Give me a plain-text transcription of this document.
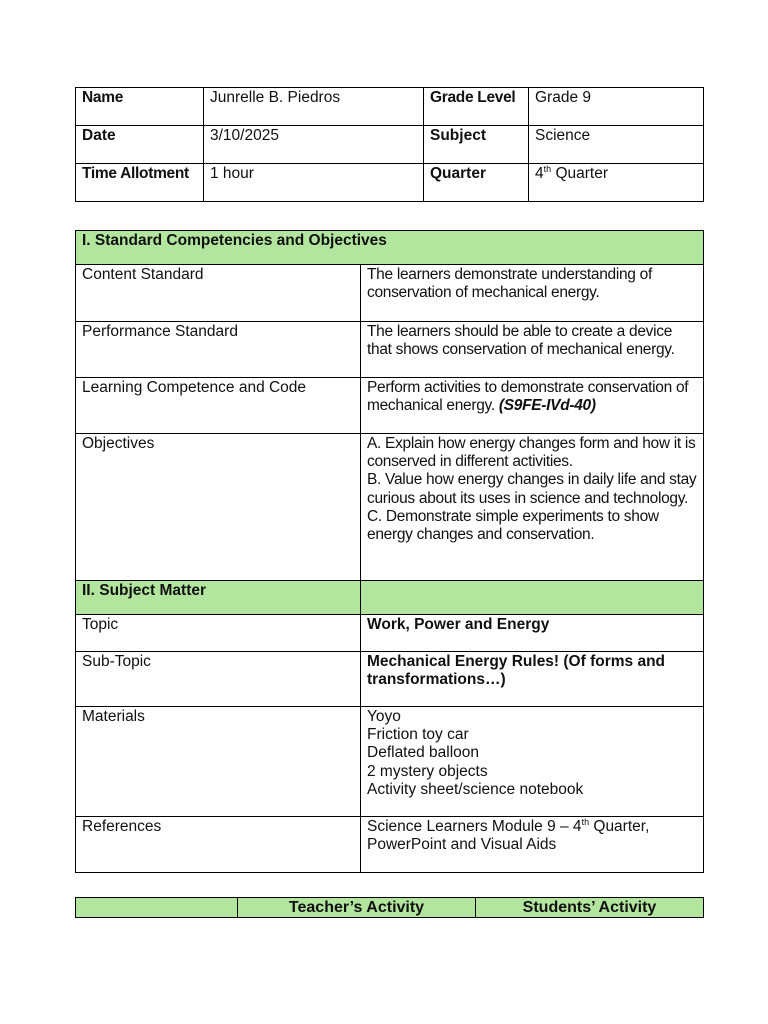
Name	Junrelle B. Piedros	Grade Level	Grade 9
Date	3/10/2025	Subject	Science
Time Allotment	1 hour	Quarter	4th Quarter
I. Standard Competencies and Objectives	
Content Standard	The learners demonstrate understanding of conservation of mechanical energy.
Performance Standard	The learners should be able to create a device that shows conservation of mechanical energy.
Learning Competence and Code	Perform activities to demonstrate conservation of mechanical energy. (S9FE-IVd-40)
Objectives	A. Explain how energy changes form and how it is conserved in different activities.
B. Value how energy changes in daily life and stay curious about its uses in science and technology.
C. Demonstrate simple experiments to show energy changes and conservation.

II. Subject Matter	
Topic	Work, Power and Energy
Sub-Topic	Mechanical Energy Rules! (Of forms and transformations…)
Materials	Yoyo
Friction toy car
Deflated balloon
2 mystery objects
Activity sheet/science notebook

References	Science Learners Module 9 – 4th Quarter, PowerPoint and Visual Aids
	Teacher’s Activity	Students’ Activity
